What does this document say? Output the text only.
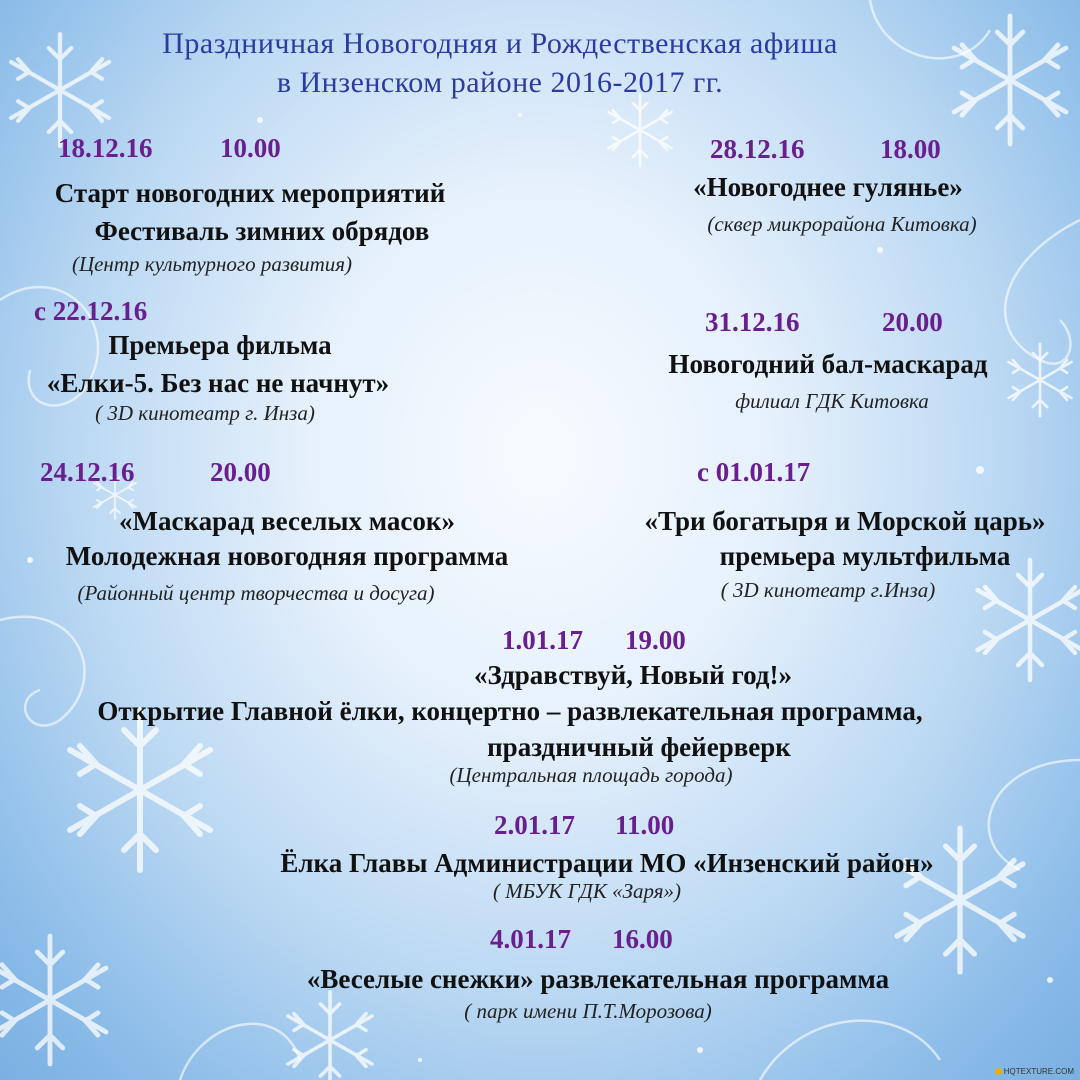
Праздничная Новогодняя и Рождественская афиша
в Инзенском районе 2016-2017 гг.
18.12.16	10.00
Старт новогодних мероприятий
Фестиваль зимних обрядов
(Центр культурного развития)
28.12.16	18.00
«Новогоднее гулянье»
(сквер микрорайона Китовка)
с 22.12.16
Премьера фильма
«Елки-5. Без нас не начнут»
( 3D кинотеатр г. Инза)
31.12.16	20.00
Новогодний бал-маскарад
филиал ГДК Китовка
24.12.16	20.00
«Маскарад веселых масок»
Молодежная новогодняя программа
(Районный центр творчества и досуга)
с 01.01.17
«Три богатыря и Морской царь»
премьера мультфильма
( 3D кинотеатр г.Инза)
1.01.17 19.00
«Здравствуй, Новый год!»
Открытие Главной ёлки, концертно – развлекательная программа,
праздничный фейерверк
(Центральная площадь города)
2.01.17 11.00
Ёлка Главы Администрации МО «Инзенский район»
( МБУК ГДК «Заря»)
4.01.17 16.00
«Веселые снежки» развлекательная программа
( парк имени П.Т.Морозова)
HQTEXTURE.COM
